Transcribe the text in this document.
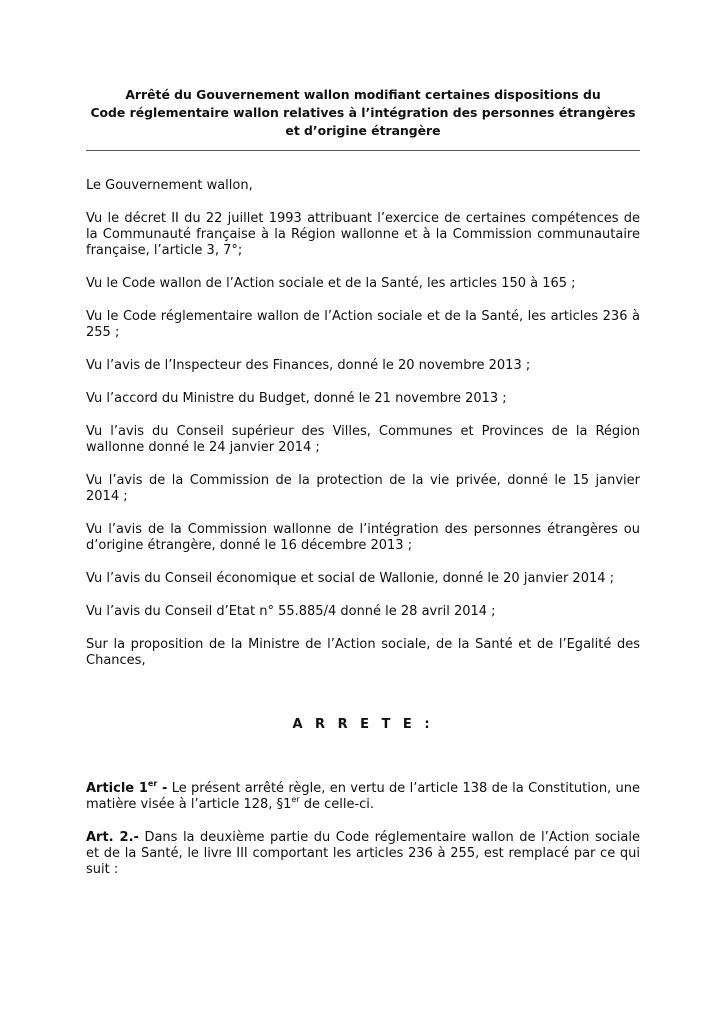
Arrêté du Gouvernement wallon modifiant certaines dispositions du
Code réglementaire wallon relatives à l’intégration des personnes étrangères
et d’origine étrangère

Le Gouvernement wallon,

Vu le décret II du 22 juillet 1993 attribuant l’exercice de certaines compétences de la Communauté française à la Région wallonne et à la Commission communautaire française, l’article 3, 7°;

Vu le Code wallon de l’Action sociale et de la Santé, les articles 150 à 165 ;

Vu le Code réglementaire wallon de l’Action sociale et de la Santé, les articles 236 à 255 ;

Vu l’avis de l’Inspecteur des Finances, donné le 20 novembre 2013 ;

Vu l’accord du Ministre du Budget, donné le 21 novembre 2013 ;

Vu l’avis du Conseil supérieur des Villes, Communes et Provinces de la Région wallonne donné le 24 janvier 2014 ;

Vu l’avis de la Commission de la protection de la vie privée, donné le 15 janvier 2014 ;

Vu l’avis de la Commission wallonne de l’intégration des personnes étrangères ou d’origine étrangère, donné le 16 décembre 2013 ;

Vu l’avis du Conseil économique et social de Wallonie, donné le 20 janvier 2014 ;

Vu l’avis du Conseil d’Etat n° 55.885/4 donné le 28 avril 2014 ;

Sur la proposition de la Ministre de l’Action sociale, de la Santé et de l’Egalité des Chances,

A R R E T E :

Article 1er - Le présent arrêté règle, en vertu de l’article 138 de la Constitution, une matière visée à l’article 128, §1er de celle-ci.

Art. 2.- Dans la deuxième partie du Code réglementaire wallon de l’Action sociale et de la Santé, le livre III comportant les articles 236 à 255, est remplacé par ce qui suit :
